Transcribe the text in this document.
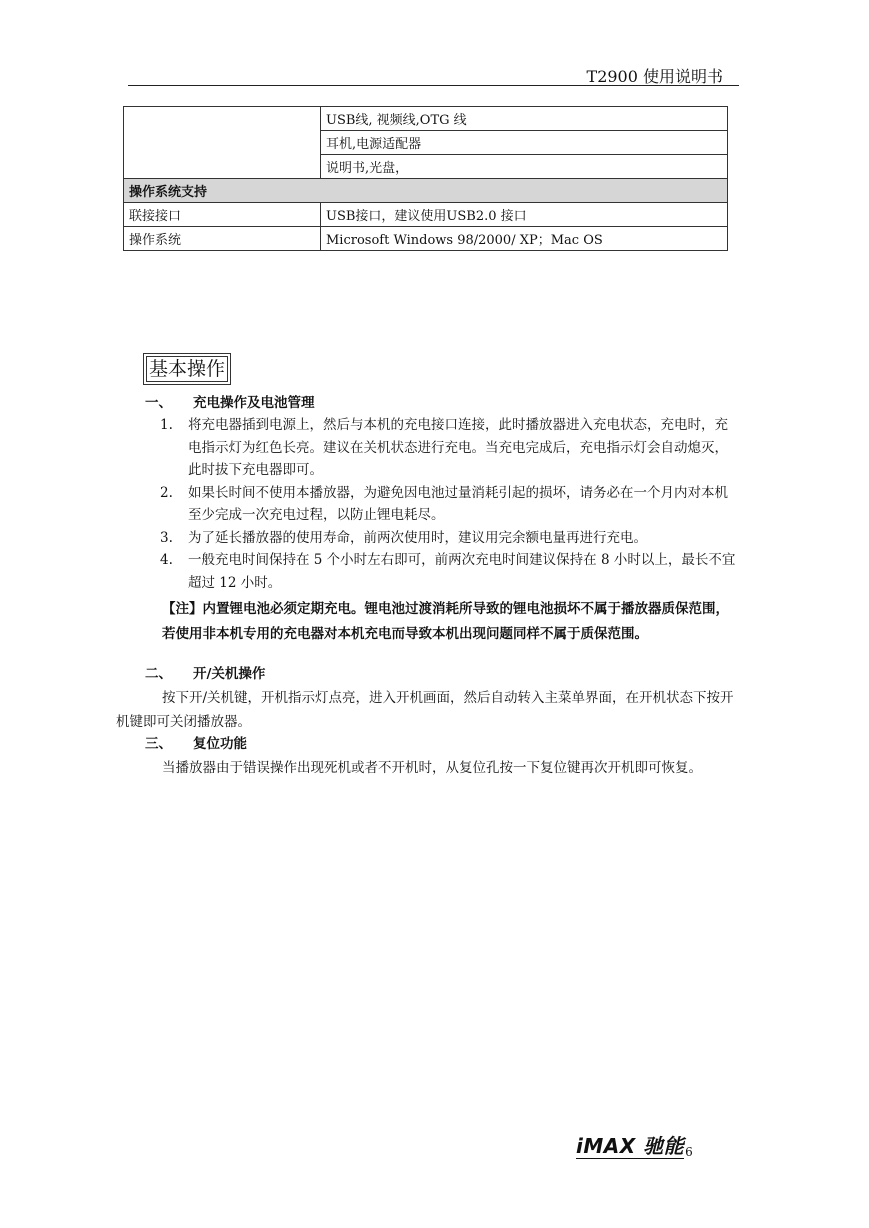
T2900 使用说明书
	USB线, 视频线,OTG 线
	耳机,电源适配器
	说明书,光盘，
操作系统支持	
联接接口	USB接口，建议使用USB2.0 接口
操作系统	Microsoft Windows 98/2000/ XP；Mac OS
基本操作
一、 充电操作及电池管理
1. 将充电器插到电源上，然后与本机的充电接口连接，此时播放器进入充电状态，充电时，充电指示灯为红色长亮。建议在关机状态进行充电。当充电完成后，充电指示灯会自动熄灭，此时拔下充电器即可。
2. 如果长时间不使用本播放器，为避免因电池过量消耗引起的损坏，请务必在一个月内对本机至少完成一次充电过程，以防止锂电耗尽。
3. 为了延长播放器的使用寿命，前两次使用时，建议用完余额电量再进行充电。
4. 一般充电时间保持在 5 个小时左右即可，前两次充电时间建议保持在 8 小时以上，最长不宜超过 12 小时。
【注】内置锂电池必须定期充电。锂电池过渡消耗所导致的锂电池损坏不属于播放器质保范围，若使用非本机专用的充电器对本机充电而导致本机出现问题同样不属于质保范围。
二、 开/关机操作
按下开/关机键，开机指示灯点亮，进入开机画面，然后自动转入主菜单界面，在开机状态下按开机键即可关闭播放器。
三、 复位功能
当播放器由于错误操作出现死机或者不开机时，从复位孔按一下复位键再次开机即可恢复。
iMAX 驰能 6
